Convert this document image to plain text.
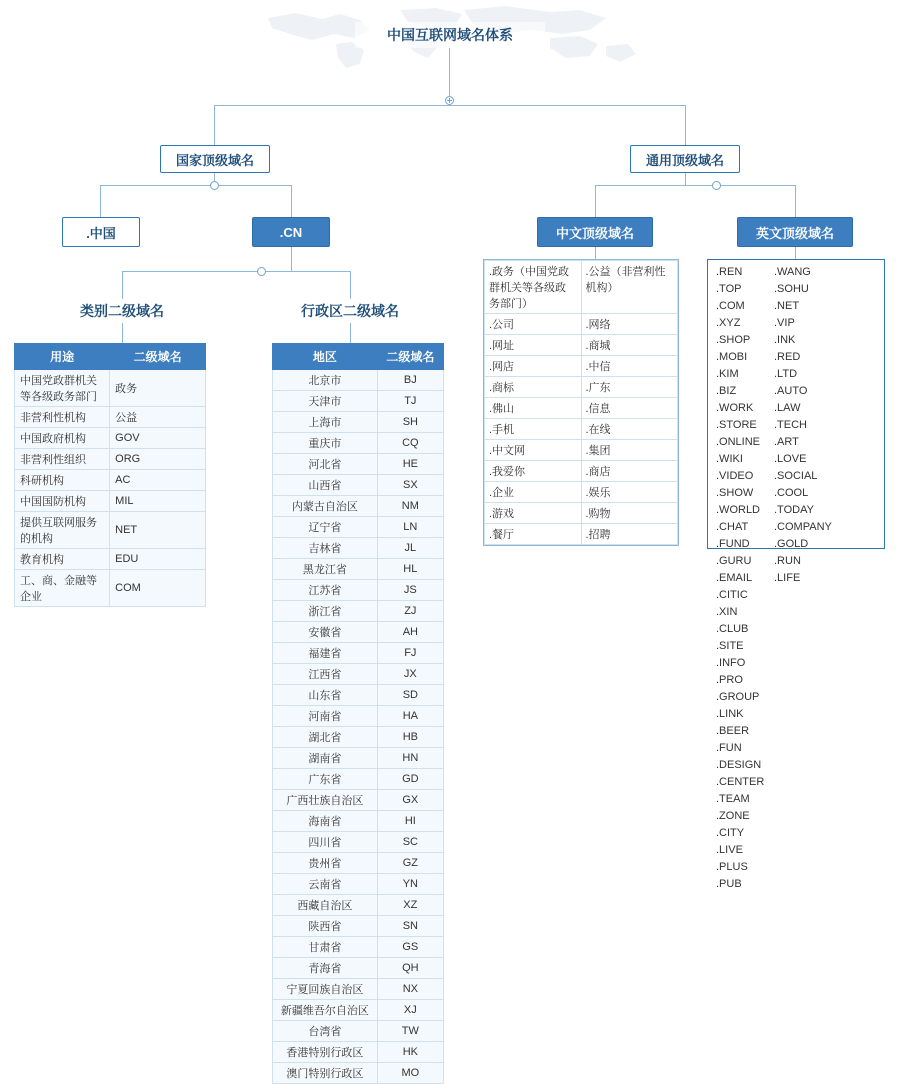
中国互联网域名体系
国家顶级域名	通用顶级域名
.中国	.CN
类别二级域名	行政区二级域名
中文顶级域名	英文顶级域名
用途	二级域名
中国党政群机关等各级政务部门	政务
非营利性机构	公益
中国政府机构	GOV
非营利性组织	ORG
科研机构	AC
中国国防机构	MIL
提供互联网服务的机构	NET
教育机构	EDU
工、商、金融等企业	COM
地区	二级域名
北京市	BJ
天津市	TJ
上海市	SH
重庆市	CQ
河北省	HE
山西省	SX
内蒙古自治区	NM
辽宁省	LN
吉林省	JL
黑龙江省	HL
江苏省	JS
浙江省	ZJ
安徽省	AH
福建省	FJ
江西省	JX
山东省	SD
河南省	HA
湖北省	HB
湖南省	HN
广东省	GD
广西壮族自治区	GX
海南省	HI
四川省	SC
贵州省	GZ
云南省	YN
西藏自治区	XZ
陕西省	SN
甘肃省	GS
青海省	QH
宁夏回族自治区	NX
新疆维吾尔自治区	XJ
台湾省	TW
香港特别行政区	HK
澳门特别行政区	MO
.政务（中国党政群机关等各级政务部门）	.公益（非营利性机构）
.公司	.网络
.网址	.商城
.网店	.中信
.商标	.广东
.佛山	.信息
.手机	.在线
.中文网	.集团
.我爱你	.商店
.企业	.娱乐
.游戏	.购物
.餐厅	.招聘
.REN
.TOP
.COM
.XYZ
.SHOP
.MOBI
.KIM
.BIZ
.WORK
.STORE
.ONLINE
.WIKI
.VIDEO
.SHOW
.WORLD
.CHAT
.FUND
.GURU
.EMAIL
.WANG
.SOHU
.NET
.VIP
.INK
.RED
.LTD
.AUTO
.LAW
.TECH
.ART
.LOVE
.SOCIAL
.COOL
.TODAY
.COMPANY
.GOLD
.RUN
.LIFE
.CITIC
.XIN
.CLUB
.SITE
.INFO
.PRO
.GROUP
.LINK
.BEER
.FUN
.DESIGN
.CENTER
.TEAM
.ZONE
.CITY
.LIVE
.PLUS
.PUB
